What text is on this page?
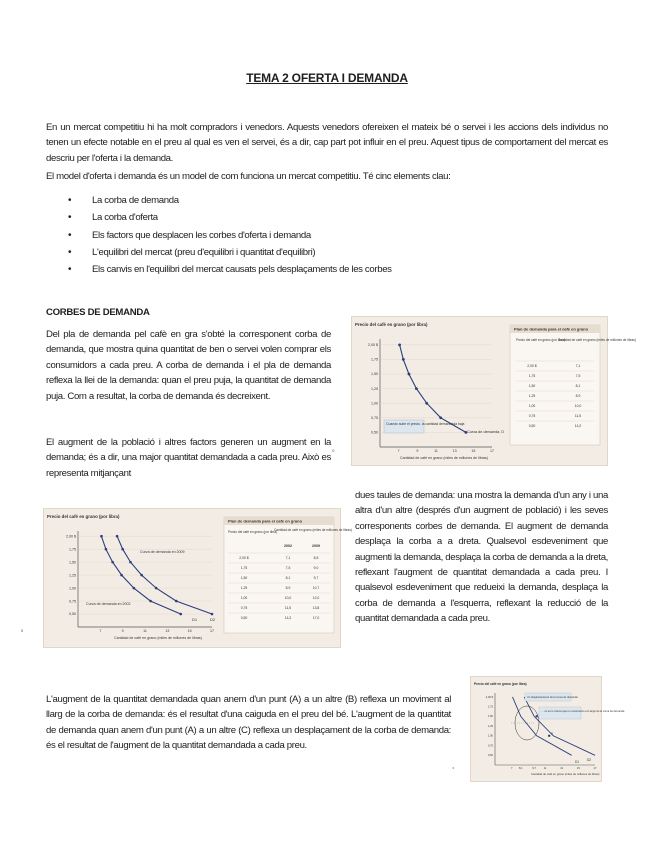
TEMA 2 OFERTA I DEMANDA

En un mercat competitiu hi ha molt compradors i venedors. Aquests venedors ofereixen el mateix bé o servei i les accions dels individus no tenen un efecte notable en el preu al qual es ven el servei, és a dir, cap part pot influir en el preu. Aquest tipus de comportament del mercat es descriu per l'oferta i la demanda.

El model d'oferta i demanda és un model de com funciona un mercat competitiu. Té cinc elements clau:

• La corba de demanda
• La corba d'oferta
• Els factors que desplacen les corbes d'oferta i demanda
• L'equilibri del mercat (preu d'equilibri i quantitat d'equilibri)
• Els canvis en l'equilibri del mercat causats pels desplaçaments de les corbes
CORBES DE DEMANDA

Del pla de demanda pel cafè en gra s'obté la corresponent corba de demanda, que mostra quina quantitat de ben o servei volen comprar els consumidors a cada preu. A corba de demanda i el pla de demanda reflexa la llei de la demanda: quan el preu puja, la quantitat de demanda puja. Com a resultat, la corba de demanda és decreixent.

El augment de la població i altres factors generen un augment en la demanda; és a dir, una major quantitat demandada a cada preu. Això es representa mitjançant

dues taules de demanda: una mostra la demanda d'un any i una altra d'un altre (després d'un augment de població) i les seves corresponents corbes de demanda. El augment de demanda desplaça la corba a a dreta. Qualsevol esdeveniment que augmenti la demanda, desplaça la corba de demanda a la dreta, reflexant l'augment de quantitat demandada a cada preu. I qualsevol esdeveniment que redueixi la demanda, desplaça la corba de demanda a l'esquerra, reflexant la reducció de la quantitat demandada a cada preu.

L'augment de la quantitat demandada quan anem d'un punt (A) a un altre (B) reflexa un moviment al llarg de la corba de demanda: és el resultat d'una caiguda en el preu del bé. L'augment de la quantitat de demanda quan anem d'un punt (A) a un altre (C) reflexa un desplaçament de la corba de demanda: és el resultat de l'augment de la quantitat demandada a cada preu.

Precio del café en grano (por libra)
0,50
0,75
1,00
1,25
1,50
1,75
2,00 $
0	7	9	11	13	15	17
Curva de demanda, D
Cuando sube el precio, la cantidad demandada baja
Cantidad de café en grano (miles de millones de libras)
Plan de demanda para el café en grano
Precio del café en grano (por libra)
Cantidad de café en grano (miles de millones de libras)
2,00 $	7,1
1,75	7,5
1,50	8,1
1,25	8,9
1,00	10,0
0,75	11,5
0,50	14,2
Precio del café en grano (por libra)
0,50
0,75
1,00
1,25
1,50
1,75
2,00 $
0	7	9	11	13	15	17
Curva de demanda en 2009
Curva de demanda en 2002
D1	D2
Cantidad de café en grano (miles de millones de libras)
Plan de demanda para el café en grano
Precio del café en grano (por libra)
Cantidad de café en grano (miles de millones de libras)
2002	2009
2,00 $	7,1	8,5
1,75	7,5	9,0
1,50	8,1	9,7
1,25	8,9	10,7
1,00	10,0	12,0
0,75	11,5	13,8
0,50	14,2	17,0
Precio del café en grano (por libra)
0,50
0,75
1,00
1,25
1,50
1,75
2,00 $
0	7	8,1	9,7	11	13	15	17
B
Un desplazamiento de la curva de demanda
… no es lo mismo que un movimiento a lo largo de la curva de demanda
D1 D2
Cantidad de café en grano (miles de millones de libras)
